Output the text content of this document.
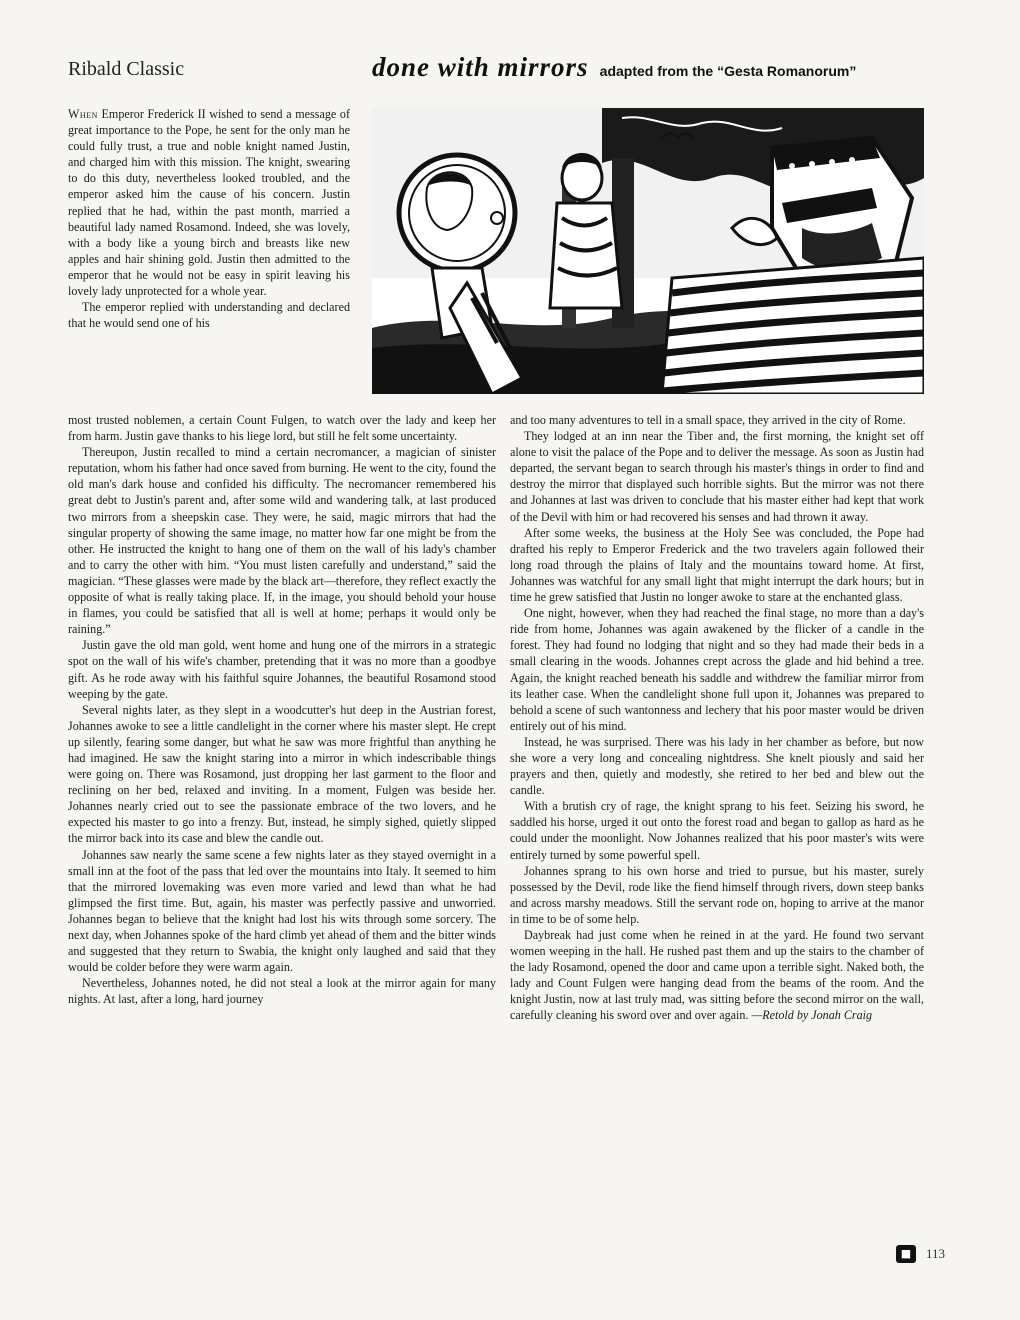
Ribald Classic	done with mirrors adapted from the “Gesta Romanorum”

When Emperor Frederick II wished to send a message of great importance to the Pope, he sent for the only man he could fully trust, a true and noble knight named Justin, and charged him with this mission. The knight, swearing to do this duty, nevertheless looked troubled, and the emperor asked him the cause of his concern. Justin replied that he had, within the past month, married a beautiful lady named Rosamond. Indeed, she was lovely, with a body like a young birch and breasts like new apples and hair shining gold. Justin then admitted to the emperor that he would not be easy in spirit leaving his lovely lady unprotected for a whole year.

The emperor replied with understanding and declared that he would send one of his

most trusted noblemen, a certain Count Fulgen, to watch over the lady and keep her from harm. Justin gave thanks to his liege lord, but still he felt some uncertainty.

Thereupon, Justin recalled to mind a certain necromancer, a magician of sinister reputation, whom his father had once saved from burning. He went to the city, found the old man's dark house and confided his difficulty. The necromancer remembered his great debt to Justin's parent and, after some wild and wandering talk, at last produced two mirrors from a sheepskin case. They were, he said, magic mirrors that had the singular property of showing the same image, no matter how far one might be from the other. He instructed the knight to hang one of them on the wall of his lady's chamber and to carry the other with him. “You must listen carefully and understand,” said the magician. “These glasses were made by the black art—therefore, they reflect exactly the opposite of what is really taking place. If, in the image, you should behold your house in flames, you could be satisfied that all is well at home; perhaps it would only be raining.”

Justin gave the old man gold, went home and hung one of the mirrors in a strategic spot on the wall of his wife's chamber, pretending that it was no more than a goodbye gift. As he rode away with his faithful squire Johannes, the beautiful Rosamond stood weeping by the gate.

Several nights later, as they slept in a woodcutter's hut deep in the Austrian forest, Johannes awoke to see a little candlelight in the corner where his master slept. He crept up silently, fearing some danger, but what he saw was more frightful than anything he had imagined. He saw the knight staring into a mirror in which indescribable things were going on. There was Rosamond, just dropping her last garment to the floor and reclining on her bed, relaxed and inviting. In a moment, Fulgen was beside her. Johannes nearly cried out to see the passionate embrace of the two lovers, and he expected his master to go into a frenzy. But, instead, he simply sighed, quietly slipped the mirror back into its case and blew the candle out.

Johannes saw nearly the same scene a few nights later as they stayed overnight in a small inn at the foot of the pass that led over the mountains into Italy. It seemed to him that the mirrored lovemaking was even more varied and lewd than what he had glimpsed the first time. But, again, his master was perfectly passive and unworried. Johannes began to believe that the knight had lost his wits through some sorcery. The next day, when Johannes spoke of the hard climb yet ahead of them and the bitter winds and suggested that they return to Swabia, the knight only laughed and said that they would be colder before they were warm again.

Nevertheless, Johannes noted, he did not steal a look at the mirror again for many nights. At last, after a long, hard journey

and too many adventures to tell in a small space, they arrived in the city of Rome.

They lodged at an inn near the Tiber and, the first morning, the knight set off alone to visit the palace of the Pope and to deliver the message. As soon as Justin had departed, the servant began to search through his master's things in order to find and destroy the mirror that displayed such horrible sights. But the mirror was not there and Johannes at last was driven to conclude that his master either had kept that work of the Devil with him or had recovered his senses and had thrown it away.

After some weeks, the business at the Holy See was concluded, the Pope had drafted his reply to Emperor Frederick and the two travelers again followed their long road through the plains of Italy and the mountains toward home. At first, Johannes was watchful for any small light that might interrupt the dark hours; but in time he grew satisfied that Justin no longer awoke to stare at the enchanted glass.

One night, however, when they had reached the final stage, no more than a day's ride from home, Johannes was again awakened by the flicker of a candle in the forest. They had found no lodging that night and so they had made their beds in a small clearing in the woods. Johannes crept across the glade and hid behind a tree. Again, the knight reached beneath his saddle and withdrew the familiar mirror from its leather case. When the candlelight shone full upon it, Johannes was prepared to behold a scene of such wantonness and lechery that his poor master would be driven entirely out of his mind.

Instead, he was surprised. There was his lady in her chamber as before, but now she wore a very long and concealing nightdress. She knelt piously and said her prayers and then, quietly and modestly, she retired to her bed and blew out the candle.

With a brutish cry of rage, the knight sprang to his feet. Seizing his sword, he saddled his horse, urged it out onto the forest road and began to gallop as hard as he could under the moonlight. Now Johannes realized that his poor master's wits were entirely turned by some powerful spell.

Johannes sprang to his own horse and tried to pursue, but his master, surely possessed by the Devil, rode like the fiend himself through rivers, down steep banks and across marshy meadows. Still the servant rode on, hoping to arrive at the manor in time to be of some help.

Daybreak had just come when he reined in at the yard. He found two servant women weeping in the hall. He rushed past them and up the stairs to the chamber of the lady Rosamond, opened the door and came upon a terrible sight. Naked both, the lady and Count Fulgen were hanging dead from the beams of the room. And the knight Justin, now at last truly mad, was sitting before the second mirror on the wall, carefully cleaning his sword over and over again. —Retold by Jonah Craig

■	113
